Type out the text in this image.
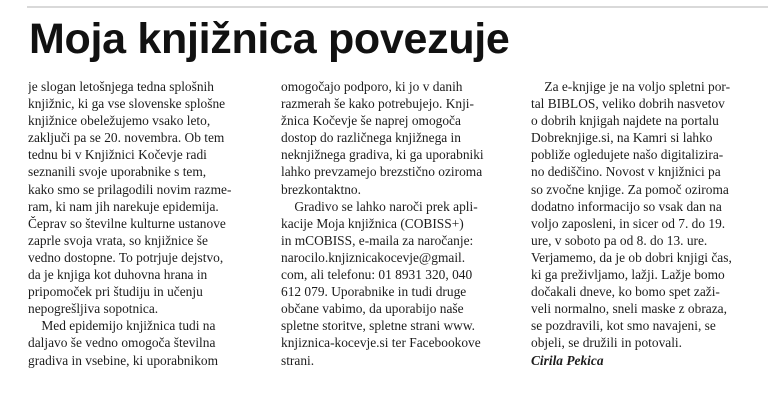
Moja knjižnica povezuje
je slogan letošnjega tedna splošnih
knjižnic, ki ga vse slovenske splošne
knjižnice obeležujemo vsako leto,
zaključi pa se 20. novembra. Ob tem
tednu bi v Knjižnici Kočevje radi
seznanili svoje uporabnike s tem,
kako smo se prilagodili novim razme-
ram, ki nam jih narekuje epidemija.
Čeprav so številne kulturne ustanove
zaprle svoja vrata, so knjižnice še
vedno dostopne. To potrjuje dejstvo,
da je knjiga kot duhovna hrana in
pripomoček pri študiju in učenju
nepogrešljiva sopotnica.
Med epidemijo knjižnica tudi na
daljavo še vedno omogoča številna
gradiva in vsebine, ki uporabnikom
omogočajo podporo, ki jo v danih
razmerah še kako potrebujejo. Knji-
žnica Kočevje še naprej omogoča
dostop do različnega knjižnega in
neknjižnega gradiva, ki ga uporabniki
lahko prevzamejo brezstično oziroma
brezkontaktno.
Gradivo se lahko naroči prek apli-
kacije Moja knjižnica (COBISS+)
in mCOBISS, e-maila za naročanje:
narocilo.knjiznicakocevje@gmail.
com, ali telefonu: 01 8931 320, 040
612 079. Uporabnike in tudi druge
občane vabimo, da uporabijo naše
spletne storitve, spletne strani www.
knjiznica-kocevje.si ter Facebookove
strani.
Za e-knjige je na voljo spletni por-
tal BIBLOS, veliko dobrih nasvetov
o dobrih knjigah najdete na portalu
Dobreknjige.si, na Kamri si lahko
pobliže ogledujete našo digitalizira-
no dediščino. Novost v knjižnici pa
so zvočne knjige. Za pomoč oziroma
dodatno informacijo so vsak dan na
voljo zaposleni, in sicer od 7. do 19.
ure, v soboto pa od 8. do 13. ure.
Verjamemo, da je ob dobri knjigi čas,
ki ga preživljamo, lažji. Lažje bomo
dočakali dneve, ko bomo spet zaži-
veli normalno, sneli maske z obraza,
se pozdravili, kot smo navajeni, se
objeli, se družili in potovali.
Cirila Pekica
